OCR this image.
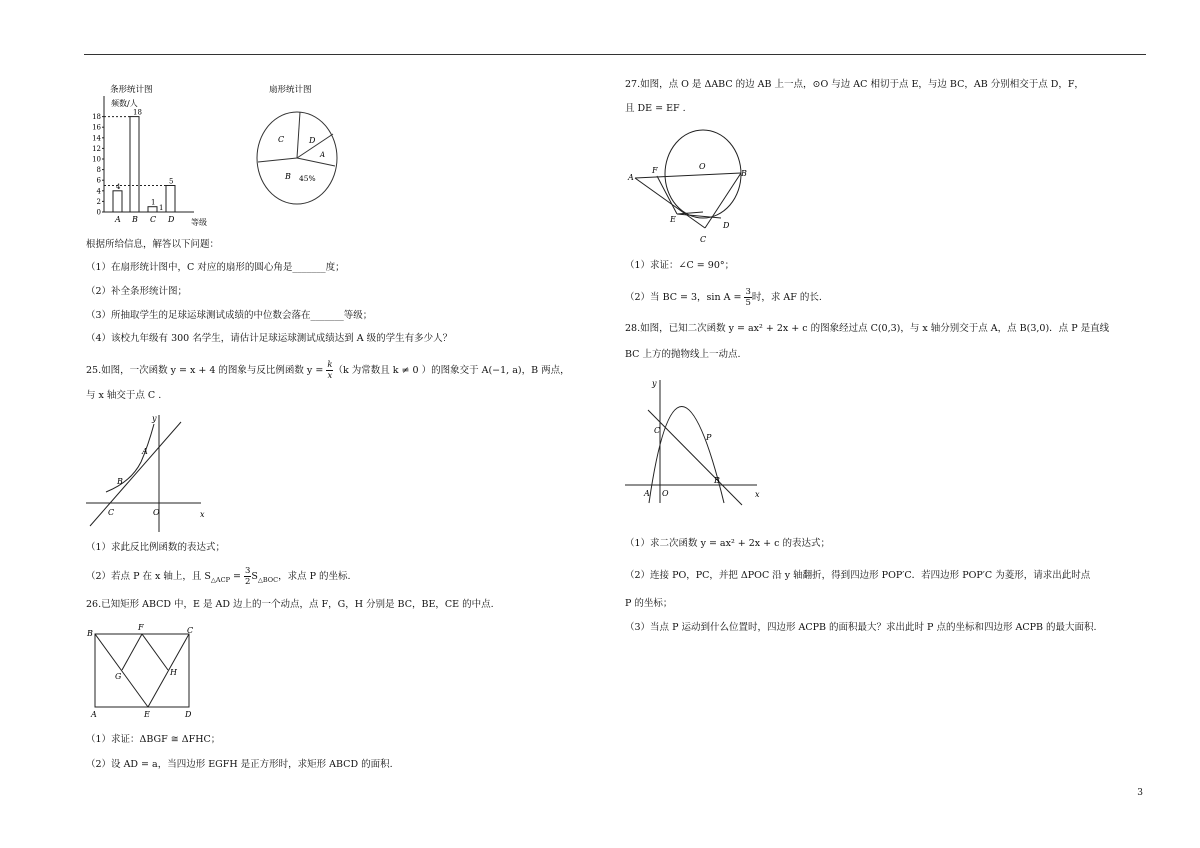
条形统计图
频数/人
等级
18
16
14
12
10
8
6
4
2
0
A
4
B
18
C
1
D
5
1
扇形统计图
C	D
A
B 45%
根据所给信息，解答以下问题：
（1）在扇形统计图中，C 对应的扇形的圆心角是_______度；
（2）补全条形统计图；
（3）所抽取学生的足球运球测试成绩的中位数会落在_______等级；
（4）该校九年级有 300 名学生，请估计足球运球测试成绩达到 A 级的学生有多少人？
25.如图，一次函数 y = x + 4 的图象与反比例函数 $y = \frac{k}{x} (k$ 为常数且 k ≠ 0 ）的图象交于 A(−1, a)，B 两点，
与 x 轴交于点 C .
y
x
A
B
C	O
（1）求此反比例函数的表达式；
（2）若点 P 在 x 轴上，且 $S_{\triangle ACP} = \frac{3}{2} S_{\triangle BOC}$，求点 P 的坐标.
26.已知矩形 ABCD 中，E 是 AD 边上的一个动点，点 F，G，H 分别是 BC，BE，CE 的中点.
B
F	C
G	H
A	E	D
（1）求证：ΔBGF ≅ ΔFHC；
（2）设 AD = a，当四边形 EGFH 是正方形时，求矩形 ABCD 的面积.
27.如图，点 O 是 ΔABC 的边 AB 上一点，⊙O 与边 AC 相切于点 E，与边 BC，AB 分别相交于点 D，F，
且 DE = EF .
F	O
A	B
E
D
C
（1）求证：∠C = 90°；
（2）当 BC = 3，$\sin A = \frac{3}{5}$ 时，求 AF 的长.
28.如图，已知二次函数 y = ax² + 2x + c 的图象经过点 C(0,3)，与 x 轴分别交于点 A，点 B(3,0)．点 P 是直线
BC 上方的抛物线上一动点.
y
x
C
P
B
A O
（1）求二次函数 y = ax² + 2x + c 的表达式；
（2）连接 PO，PC，并把 ΔPOC 沿 y 轴翻折，得到四边形 POP′C．若四边形 POP′C 为菱形，请求出此时点
P 的坐标；
（3）当点 P 运动到什么位置时，四边形 ACPB 的面积最大？求出此时 P 点的坐标和四边形 ACPB 的最大面积.
3
